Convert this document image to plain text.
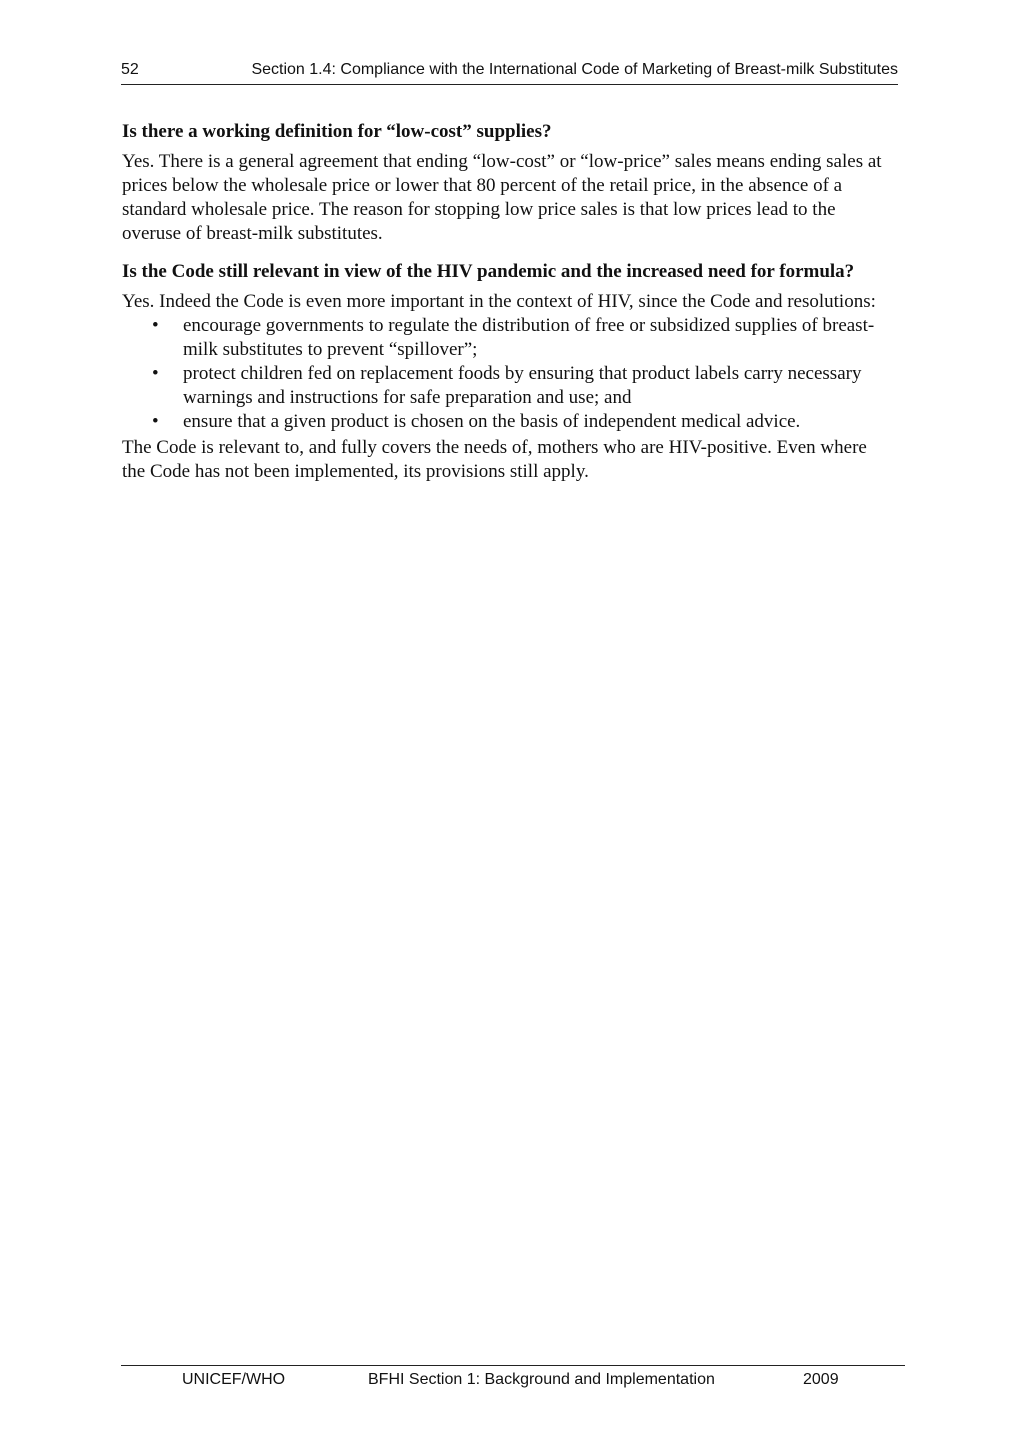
52	Section 1.4: Compliance with the International Code of Marketing of Breast-milk Substitutes

Is there a working definition for “low-cost” supplies?

Yes. There is a general agreement that ending “low-cost” or “low-price” sales means ending sales at prices below the wholesale price or lower that 80 percent of the retail price, in the absence of a standard wholesale price. The reason for stopping low price sales is that low prices lead to the overuse of breast-milk substitutes.

Is the Code still relevant in view of the HIV pandemic and the increased need for formula?

Yes. Indeed the Code is even more important in the context of HIV, since the Code and resolutions:

• encourage governments to regulate the distribution of free or subsidized supplies of breast-milk substitutes to prevent “spillover”;
• protect children fed on replacement foods by ensuring that product labels carry necessary warnings and instructions for safe preparation and use; and
• ensure that a given product is chosen on the basis of independent medical advice.

The Code is relevant to, and fully covers the needs of, mothers who are HIV-positive. Even where the Code has not been implemented, its provisions still apply.

UNICEF/WHO	BFHI Section 1: Background and Implementation	2009
